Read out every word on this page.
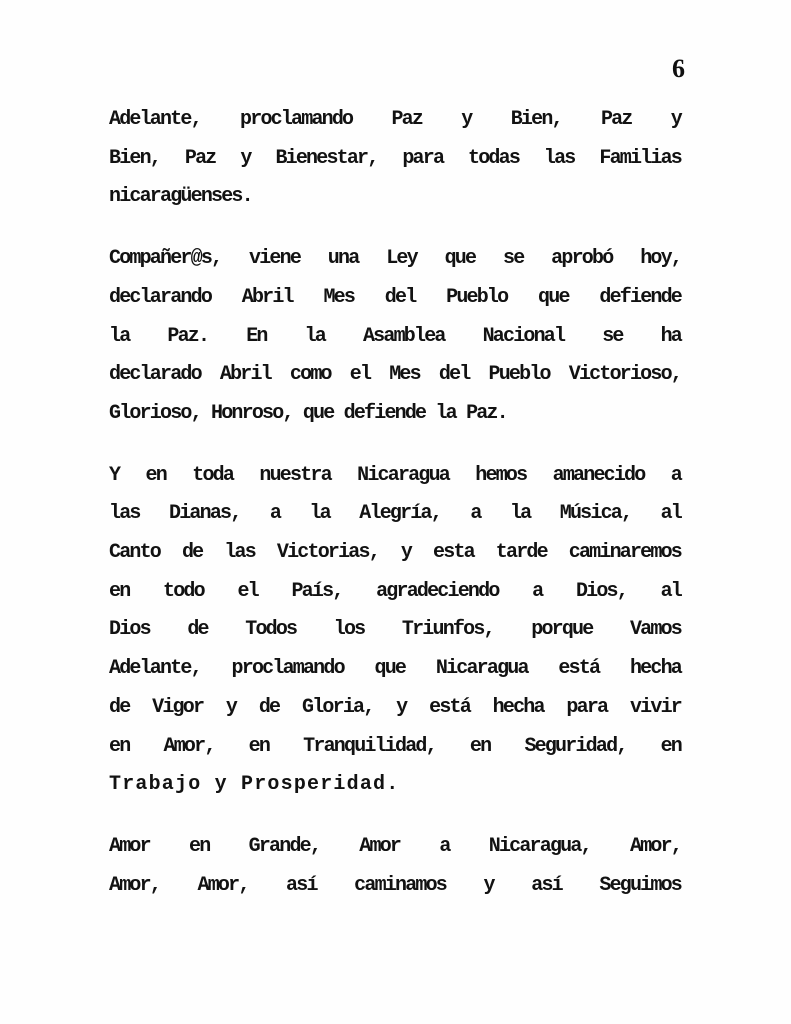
6
Adelante, proclamando Paz y Bien, Paz y
Bien, Paz y Bienestar, para todas las Familias
nicaragüenses.
Compañer@s, viene una Ley que se aprobó hoy,
declarando Abril Mes del Pueblo que defiende
la Paz. En la Asamblea Nacional se ha
declarado Abril como el Mes del Pueblo Victorioso,
Glorioso, Honroso, que defiende la Paz.
Y en toda nuestra Nicaragua hemos amanecido a
las Dianas, a la Alegría, a la Música, al
Canto de las Victorias, y esta tarde caminaremos
en todo el País, agradeciendo a Dios, al
Dios de Todos los Triunfos, porque Vamos
Adelante, proclamando que Nicaragua está hecha
de Vigor y de Gloria, y está hecha para vivir
en Amor, en Tranquilidad, en Seguridad, en
Trabajo y Prosperidad.
Amor en Grande, Amor a Nicaragua, Amor,
Amor, Amor, así caminamos y así Seguimos
